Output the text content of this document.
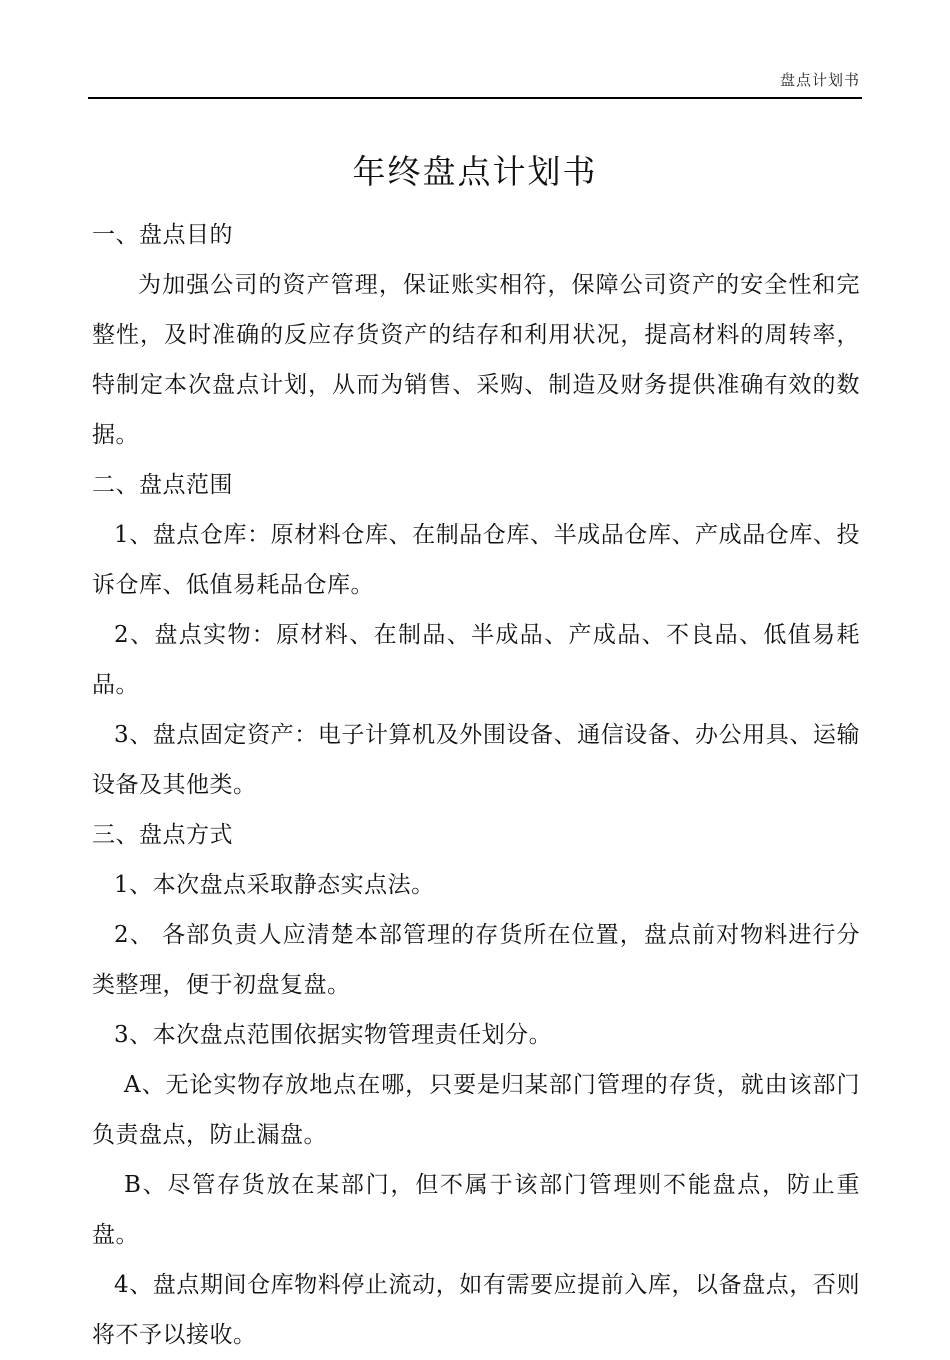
盘点计划书
年终盘点计划书

一、盘点目的

为加强公司的资产管理，保证账实相符，保障公司资产的安全性和完整性，及时准确的反应存货资产的结存和利用状况，提高材料的周转率，特制定本次盘点计划，从而为销售、采购、制造及财务提供准确有效的数据。

二、盘点范围

1、盘点仓库：原材料仓库、在制品仓库、半成品仓库、产成品仓库、投诉仓库、低值易耗品仓库。

2、盘点实物：原材料、在制品、半成品、产成品、不良品、低值易耗品。

3、盘点固定资产：电子计算机及外围设备、通信设备、办公用具、运输设备及其他类。

三、盘点方式

1、本次盘点采取静态实点法。

2、 各部负责人应清楚本部管理的存货所在位置，盘点前对物料进行分类整理，便于初盘复盘。

3、本次盘点范围依据实物管理责任划分。

A、无论实物存放地点在哪，只要是归某部门管理的存货，就由该部门负责盘点，防止漏盘。

B、尽管存货放在某部门，但不属于该部门管理则不能盘点，防止重盘。

4、盘点期间仓库物料停止流动，如有需要应提前入库，以备盘点，否则将不予以接收。
